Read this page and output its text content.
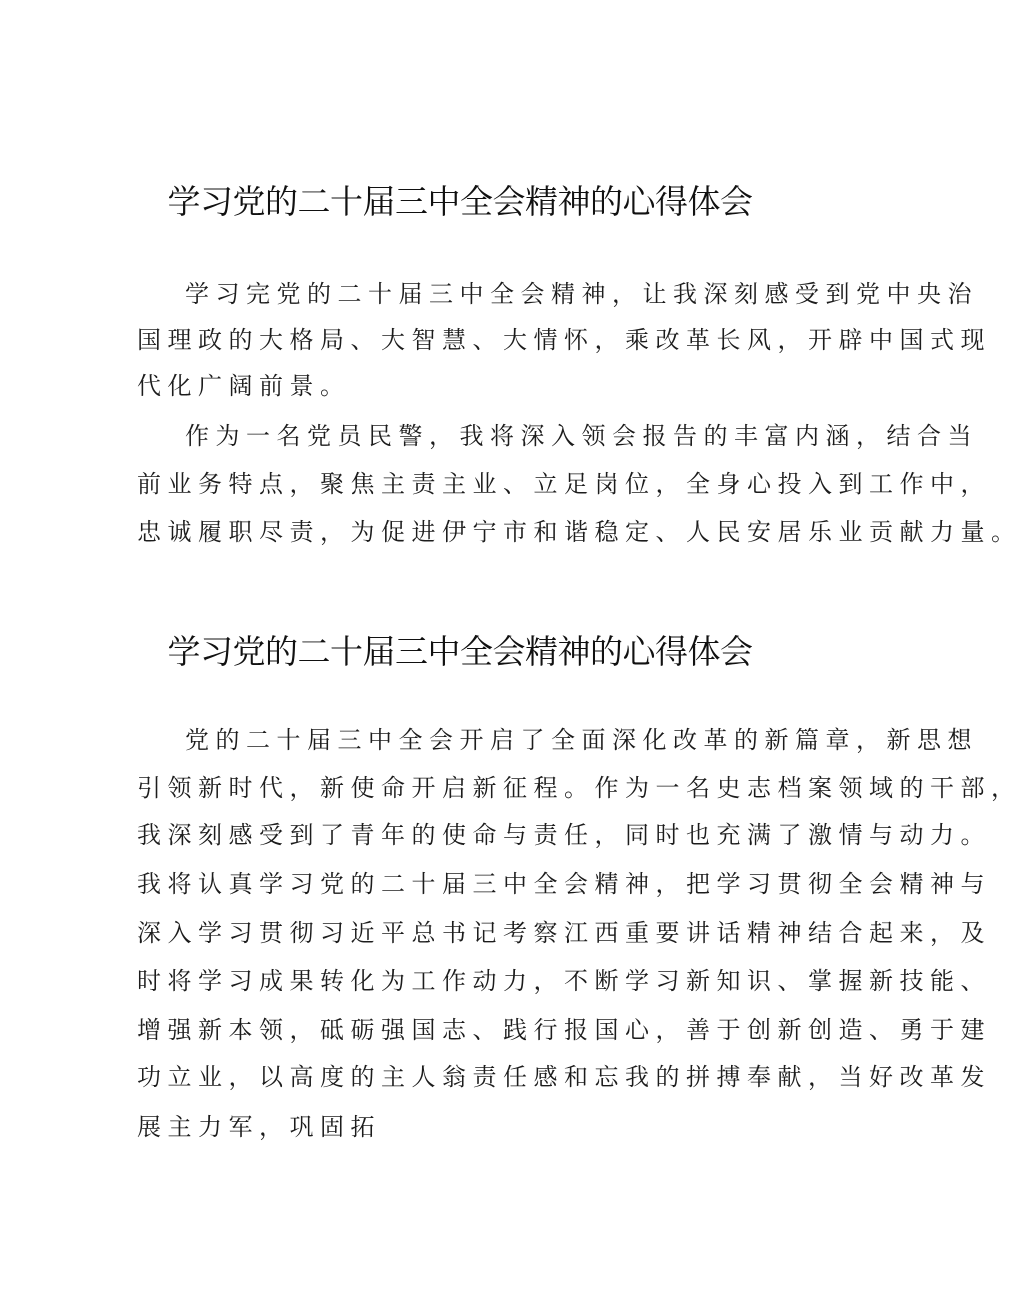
学习党的二十届三中全会精神的心得体会

学习完党的二十届三中全会精神，让我深刻感受到党中央治

国理政的大格局、大智慧、大情怀，乘改革长风，开辟中国式现

代化广阔前景。

作为一名党员民警，我将深入领会报告的丰富内涵，结合当

前业务特点，聚焦主责主业、立足岗位，全身心投入到工作中，

忠诚履职尽责，为促进伊宁市和谐稳定、人民安居乐业贡献力量。

学习党的二十届三中全会精神的心得体会

党的二十届三中全会开启了全面深化改革的新篇章，新思想

引领新时代，新使命开启新征程。作为一名史志档案领域的干部，

我深刻感受到了青年的使命与责任，同时也充满了激情与动力。

我将认真学习党的二十届三中全会精神，把学习贯彻全会精神与

深入学习贯彻习近平总书记考察江西重要讲话精神结合起来，及

时将学习成果转化为工作动力，不断学习新知识、掌握新技能、

增强新本领，砥砺强国志、践行报国心，善于创新创造、勇于建

功立业，以高度的主人翁责任感和忘我的拼搏奉献，当好改革发

展主力军，巩固拓
